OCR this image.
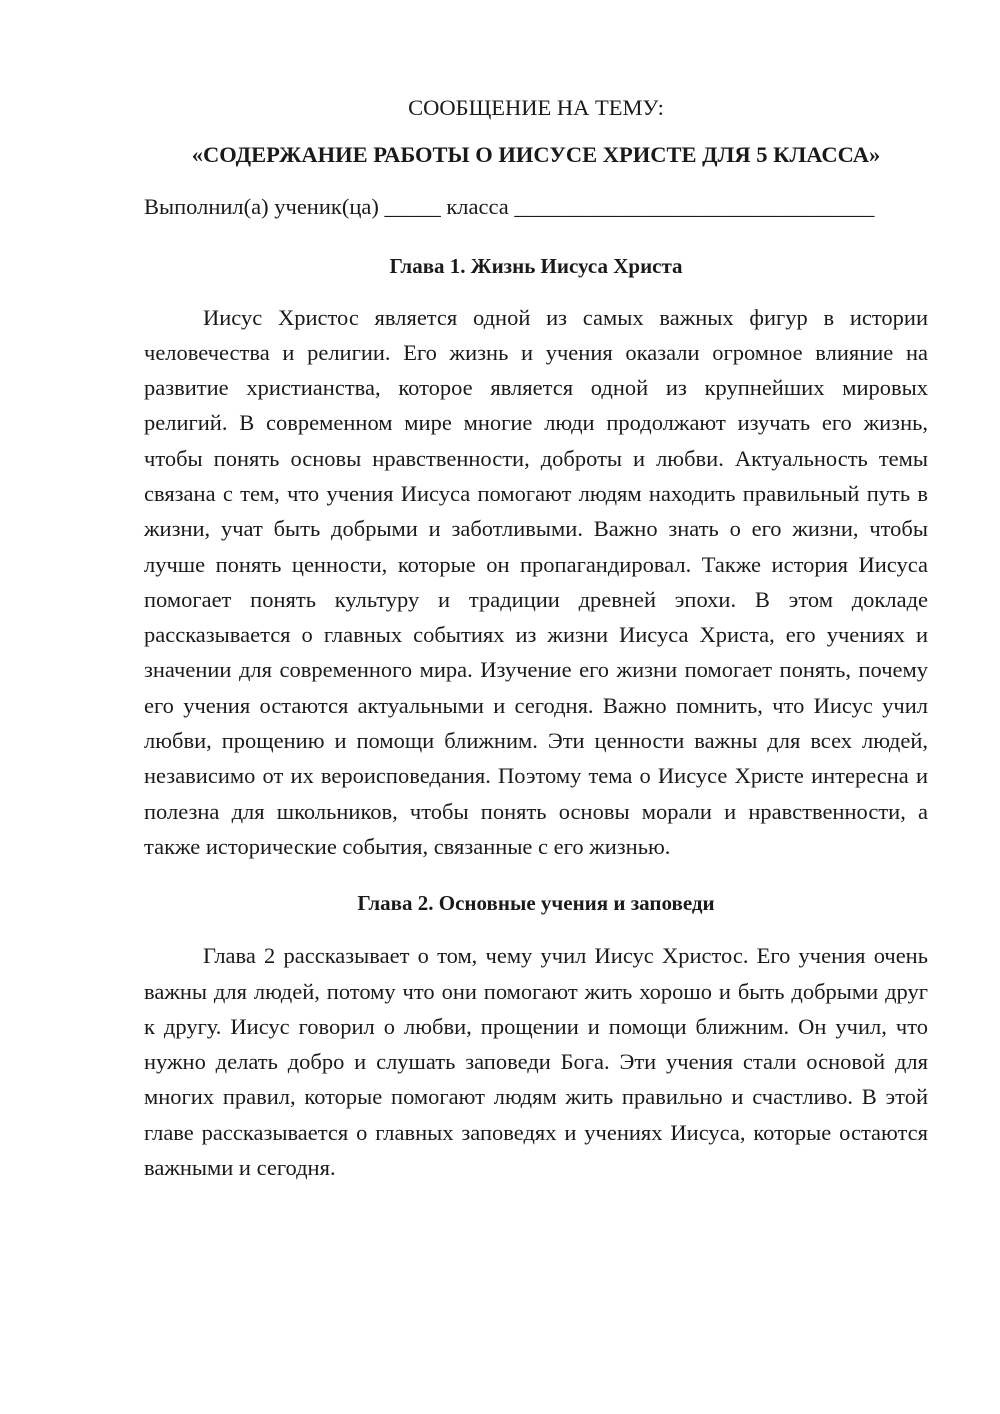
СООБЩЕНИЕ НА ТЕМУ:

«СОДЕРЖАНИЕ РАБОТЫ О ИИСУСЕ ХРИСТЕ ДЛЯ 5 КЛАССА»

Выполнил(а) ученик(ца) _____ класса ________________________________

Глава 1. Жизнь Иисуса Христа

Иисус Христос является одной из самых важных фигур в истории человечества и религии. Его жизнь и учения оказали огромное влияние на развитие христианства, которое является одной из крупнейших мировых религий. В современном мире многие люди продолжают изучать его жизнь, чтобы понять основы нравственности, доброты и любви. Актуальность темы связана с тем, что учения Иисуса помогают людям находить правильный путь в жизни, учат быть добрыми и заботливыми. Важно знать о его жизни, чтобы лучше понять ценности, которые он пропагандировал. Также история Иисуса помогает понять культуру и традиции древней эпохи. В этом докладе рассказывается о главных событиях из жизни Иисуса Христа, его учениях и значении для современного мира. Изучение его жизни помогает понять, почему его учения остаются актуальными и сегодня. Важно помнить, что Иисус учил любви, прощению и помощи ближним. Эти ценности важны для всех людей, независимо от их вероисповедания. Поэтому тема о Иисусе Христе интересна и полезна для школьников, чтобы понять основы морали и нравственности, а также исторические события, связанные с его жизнью.

Глава 2. Основные учения и заповеди

Глава 2 рассказывает о том, чему учил Иисус Христос. Его учения очень важны для людей, потому что они помогают жить хорошо и быть добрыми друг к другу. Иисус говорил о любви, прощении и помощи ближним. Он учил, что нужно делать добро и слушать заповеди Бога. Эти учения стали основой для многих правил, которые помогают людям жить правильно и счастливо. В этой главе рассказывается о главных заповедях и учениях Иисуса, которые остаются важными и сегодня.
